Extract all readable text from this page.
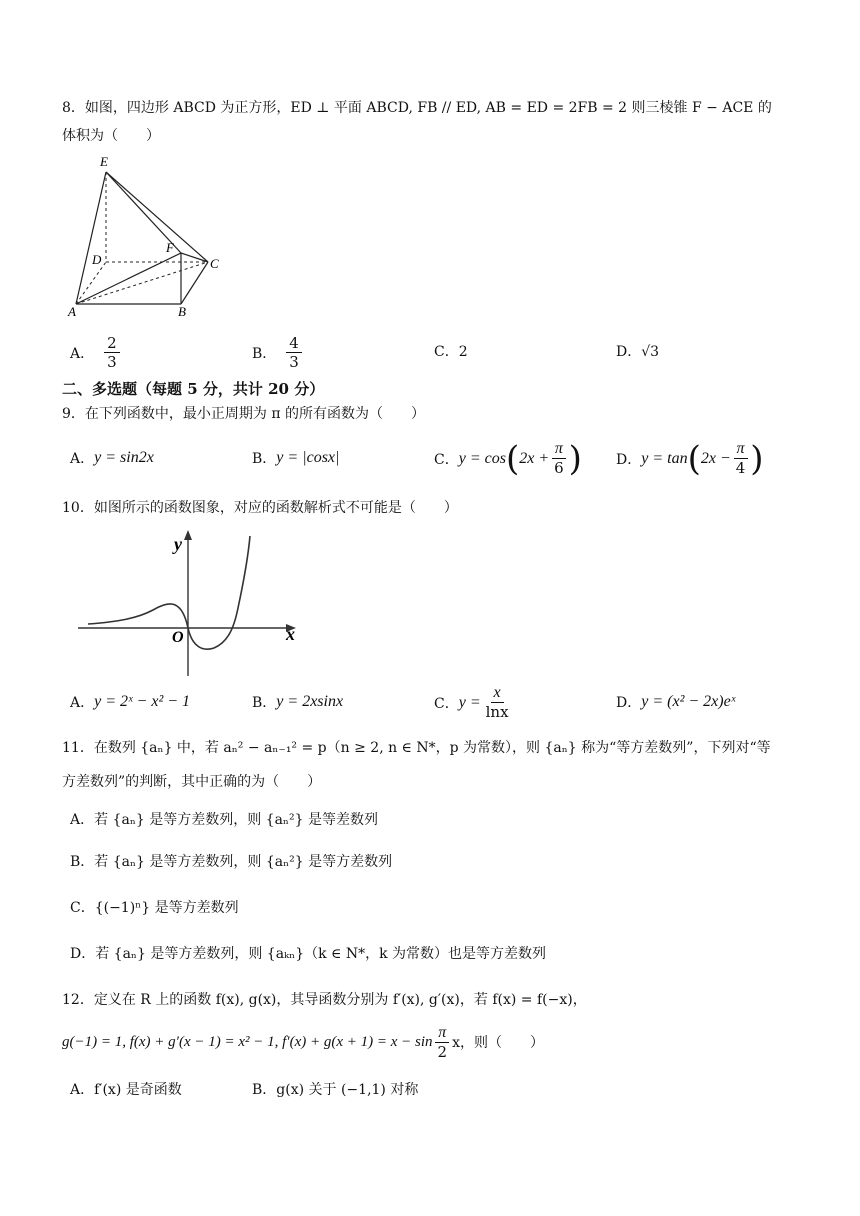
8．如图，四边形 ABCD 为正方形，ED ⊥ 平面 ABCD, FB // ED, AB = ED = 2FB = 2 则三棱锥 F − ACE 的
体积为（　　）
E
D
F
C
A	B
A． $\frac{2}{3}$	B． $\frac{4}{3}$	C．2	D．√3
二、多选题（每题 5 分，共计 20 分）
9．在下列函数中，最小正周期为 π 的所有函数为（　　）
A． y = sin2x	B． y = |cosx|	C． y = cos ( $2x + \frac{\pi}{6}$ ) D． y = tan ( $2x - \frac{\pi}{4}$ )
10．如图所示的函数图象，对应的函数解析式不可能是（　　）
y
x
O
A． y = 2ˣ − x² − 1	B． y = 2xsinx	C． $y = \frac{x}{\ln x}$	D． y = (x² − 2x)eˣ
11．在数列 {aₙ} 中，若 aₙ² − aₙ₋₁² = p（n ≥ 2, n ∈ N*，p 为常数），则 {aₙ} 称为“等方差数列”，下列对“等
方差数列”的判断，其中正确的为（　　）
A．若 {aₙ} 是等方差数列，则 {aₙ²} 是等差数列
B．若 {aₙ} 是等方差数列，则 {aₙ²} 是等方差数列
C．{(−1)ⁿ} 是等方差数列
D．若 {aₙ} 是等方差数列，则 {aₖₙ}（k ∈ N*，k 为常数）也是等方差数列
12．定义在 R 上的函数 f(x), g(x)，其导函数分别为 f′(x), g′(x)，若 f(x) = f(−x)，
g(−1) = 1, f(x) + g′(x − 1) = x² − 1, $f'(x) + g(x + 1) = x - \sin \frac{\pi}{2}$ x，则（　　）
A．f′(x) 是奇函数	B．g(x) 关于 (−1,1) 对称
